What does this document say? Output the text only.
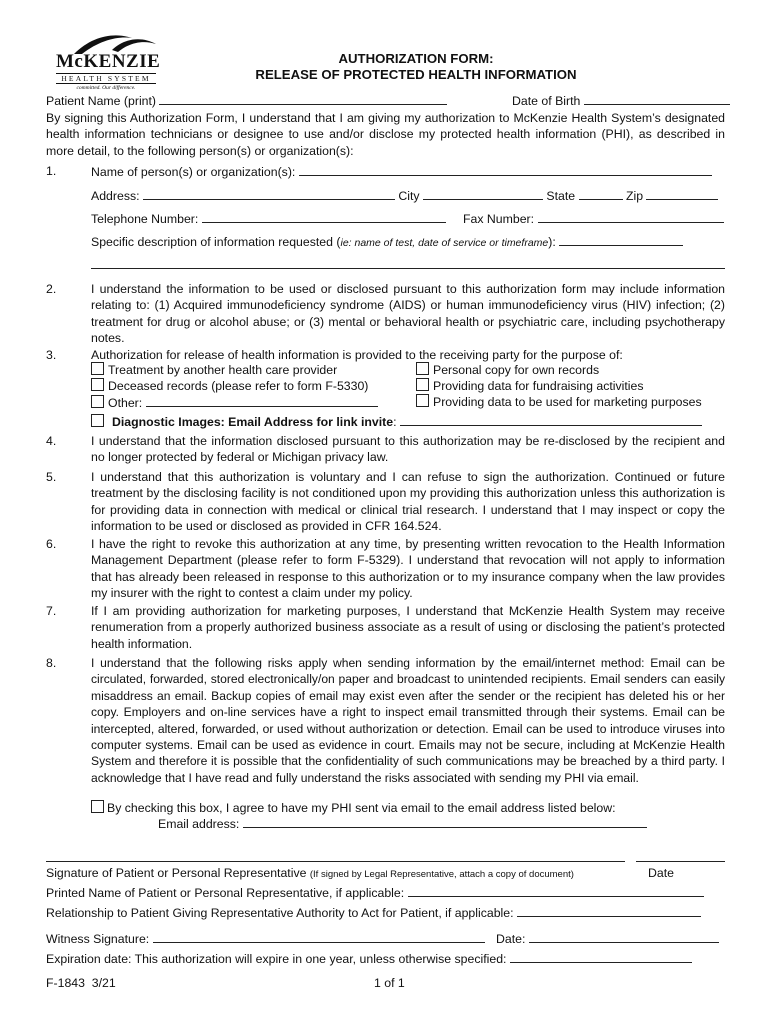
McKENZIE
HEALTH SYSTEM
committed. Our difference.
AUTHORIZATION FORM:
RELEASE OF PROTECTED HEALTH INFORMATION
Patient Name (print)	Date of Birth
By signing this Authorization Form, I understand that I am giving my authorization to McKenzie Health System’s designated health information technicians or designee to use and/or disclose my protected health information (PHI), as described in more detail, to the following person(s) or organization(s):
1.	Name of person(s) or organization(s):
Address:	City	State	Zip
Telephone Number:	Fax Number:
Specific description of information requested (ie: name of test, date of service or timeframe):
2.	I understand the information to be used or disclosed pursuant to this authorization form may include information relating to: (1) Acquired immunodeficiency syndrome (AIDS) or human immunodeficiency virus (HIV) infection; (2) treatment for drug or alcohol abuse; or (3) mental or behavioral health or psychiatric care, including psychotherapy notes.
3.	Authorization for release of health information is provided to the receiving party for the purpose of:
Treatment by another health care provider
Deceased records (please refer to form F-5330)
Other:
Personal copy for own records
Providing data for fundraising activities
Providing data to be used for marketing purposes
Diagnostic Images: Email Address for link invite:
4.	I understand that the information disclosed pursuant to this authorization may be re-disclosed by the recipient and no longer protected by federal or Michigan privacy law.
5.	I understand that this authorization is voluntary and I can refuse to sign the authorization. Continued or future treatment by the disclosing facility is not conditioned upon my providing this authorization unless this authorization is for providing data in connection with medical or clinical trial research. I understand that I may inspect or copy the information to be used or disclosed as provided in CFR 164.524.
6.	I have the right to revoke this authorization at any time, by presenting written revocation to the Health Information Management Department (please refer to form F-5329). I understand that revocation will not apply to information that has already been released in response to this authorization or to my insurance company when the law provides my insurer with the right to contest a claim under my policy.
7.	If I am providing authorization for marketing purposes, I understand that McKenzie Health System may receive renumeration from a properly authorized business associate as a result of using or disclosing the patient’s protected health information.
8.	I understand that the following risks apply when sending information by the email/internet method: Email can be circulated, forwarded, stored electronically/on paper and broadcast to unintended recipients. Email senders can easily misaddress an email. Backup copies of email may exist even after the sender or the recipient has deleted his or her copy. Employers and on-line services have a right to inspect email transmitted through their systems. Email can be intercepted, altered, forwarded, or used without authorization or detection. Email can be used to introduce viruses into computer systems. Email can be used as evidence in court. Emails may not be secure, including at McKenzie Health System and therefore it is possible that the confidentiality of such communications may be breached by a third party. I acknowledge that I have read and fully understand the risks associated with sending my PHI via email.
By checking this box, I agree to have my PHI sent via email to the email address listed below:
Email address:
Signature of Patient or Personal Representative (If signed by Legal Representative, attach a copy of document)	Date
Printed Name of Patient or Personal Representative, if applicable:
Relationship to Patient Giving Representative Authority to Act for Patient, if applicable:
Witness Signature:	Date:
Expiration date: This authorization will expire in one year, unless otherwise specified:
F-1843  3/21	1 of 1
